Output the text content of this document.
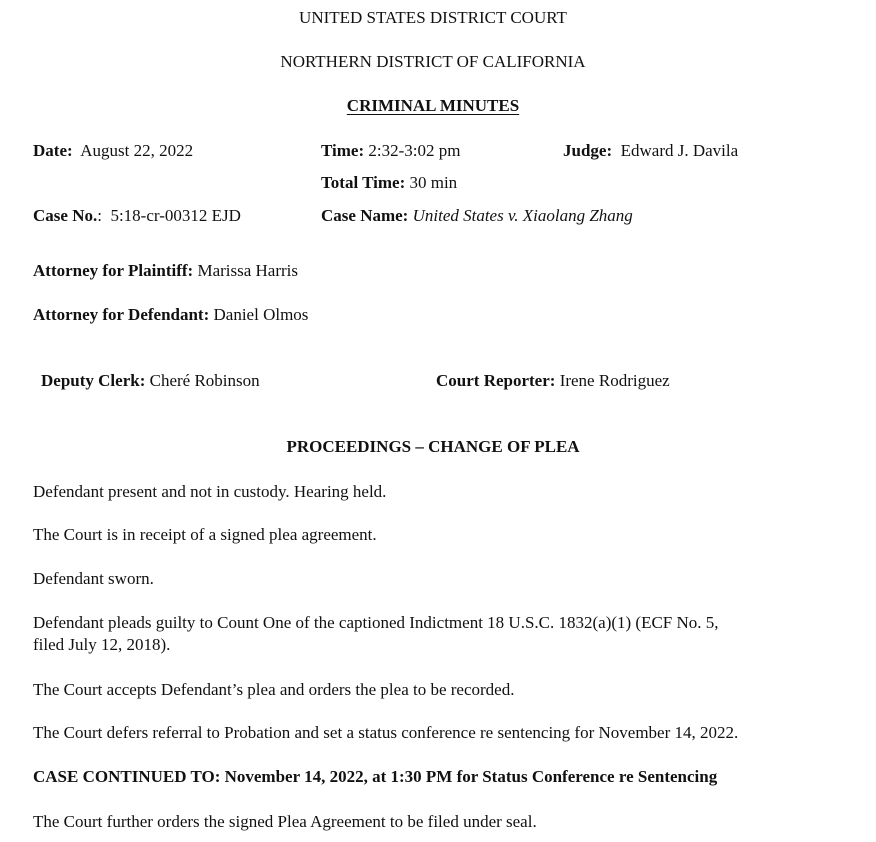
UNITED STATES DISTRICT COURT
NORTHERN DISTRICT OF CALIFORNIA
CRIMINAL MINUTES
Date: August 22, 2022	Time: 2:32-3:02 pm	Judge: Edward J. Davila
Total Time: 30 min
Case No.:  5:18-cr-00312 EJD	Case Name: United States v. Xiaolang Zhang
Attorney for Plaintiff: Marissa Harris
Attorney for Defendant: Daniel Olmos
Deputy Clerk: Cheré Robinson	Court Reporter: Irene Rodriguez
PROCEEDINGS – CHANGE OF PLEA
Defendant present and not in custody. Hearing held.
The Court is in receipt of a signed plea agreement.
Defendant sworn.
Defendant pleads guilty to Count One of the captioned Indictment 18 U.S.C. 1832(a)(1) (ECF No. 5,
filed July 12, 2018).
The Court accepts Defendant’s plea and orders the plea to be recorded.
The Court defers referral to Probation and set a status conference re sentencing for November 14, 2022.
CASE CONTINUED TO: November 14, 2022, at 1:30 PM for Status Conference re Sentencing
The Court further orders the signed Plea Agreement to be filed under seal.
